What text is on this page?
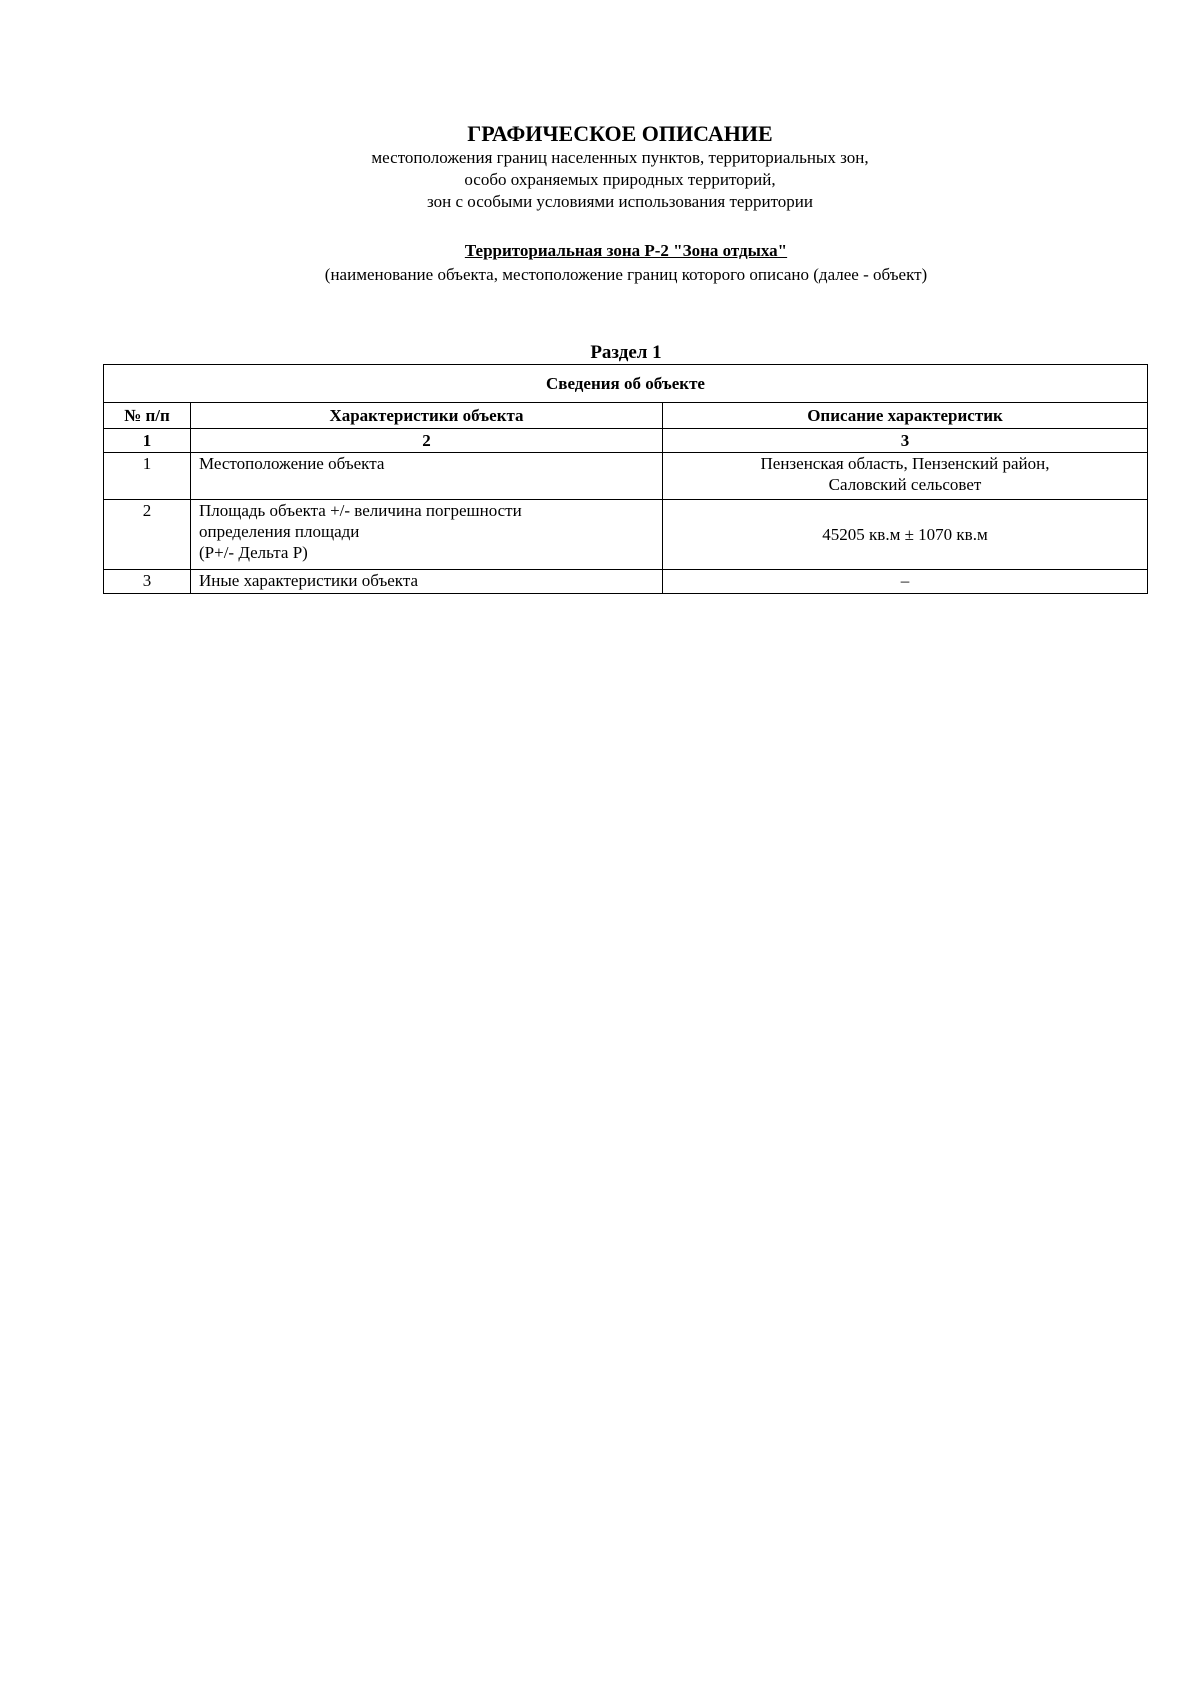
ГРАФИЧЕСКОЕ ОПИСАНИЕ
местоположения границ населенных пунктов, территориальных зон,
особо охраняемых природных территорий,
зон с особыми условиями использования территории
Территориальная зона Р-2 "Зона отдыха"
(наименование объекта, местоположение границ которого описано (далее - объект)
Раздел 1
Сведения об объекте		
№ п/п	Характеристики объекта	Описание характеристик
1	2	3
1	Местоположение объекта	Пензенская область, Пензенский район,
Саловский сельсовет

2	Площадь объекта +/- величина погрешности
определения площади
(P+/- Дельта P)	45205 кв.м ± 1070 кв.м

3	Иные характеристики объекта	–
